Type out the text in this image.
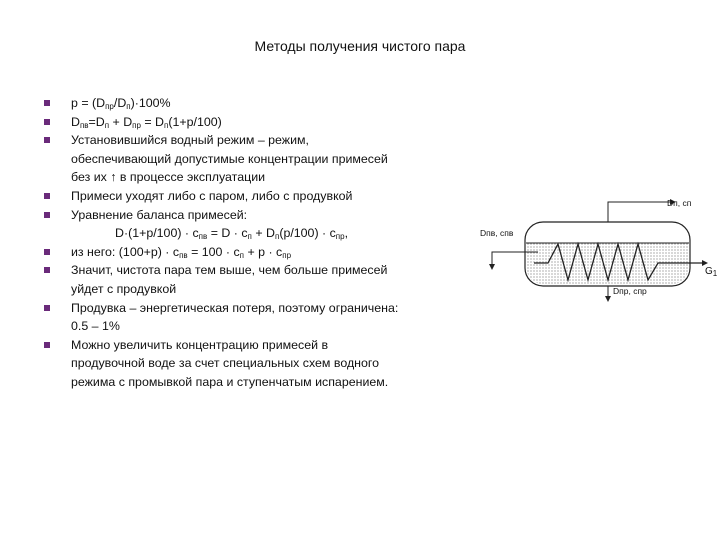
Методы получения чистого пара
$p = (D_{пр}/D_п)\cdot 100\%$
$D_{пв}=D_п + D_{пр} = D_п(1+p/100)$
Установившийся водный режим – режим,
обеспечивающий допустимые концентрации примесей
без их ↑ в процессе эксплуатации
Примеси уходят либо с паром, либо с продувкой
Уравнение баланса примесей:
$D\cdot(1+p/100) \cdot c_{пв} = D \cdot c_п + D_п(p/100) \cdot c_{пр}$,
из него: $(100+p) \cdot c_{пв} = 100 \cdot c_п + p \cdot c_{пр}$
Значит, чистота пара тем выше, чем больше примесей
уйдет с продувкой
Продувка – энергетическая потеря, поэтому ограничена:
0.5 – 1%
Можно увеличить концентрацию примесей в
продувочной воде за счет специальных схем водного
режима с промывкой пара и ступенчатым испарением.
Dп, cп
Dпв, cпв
Dпр, cпр
$G_1$
